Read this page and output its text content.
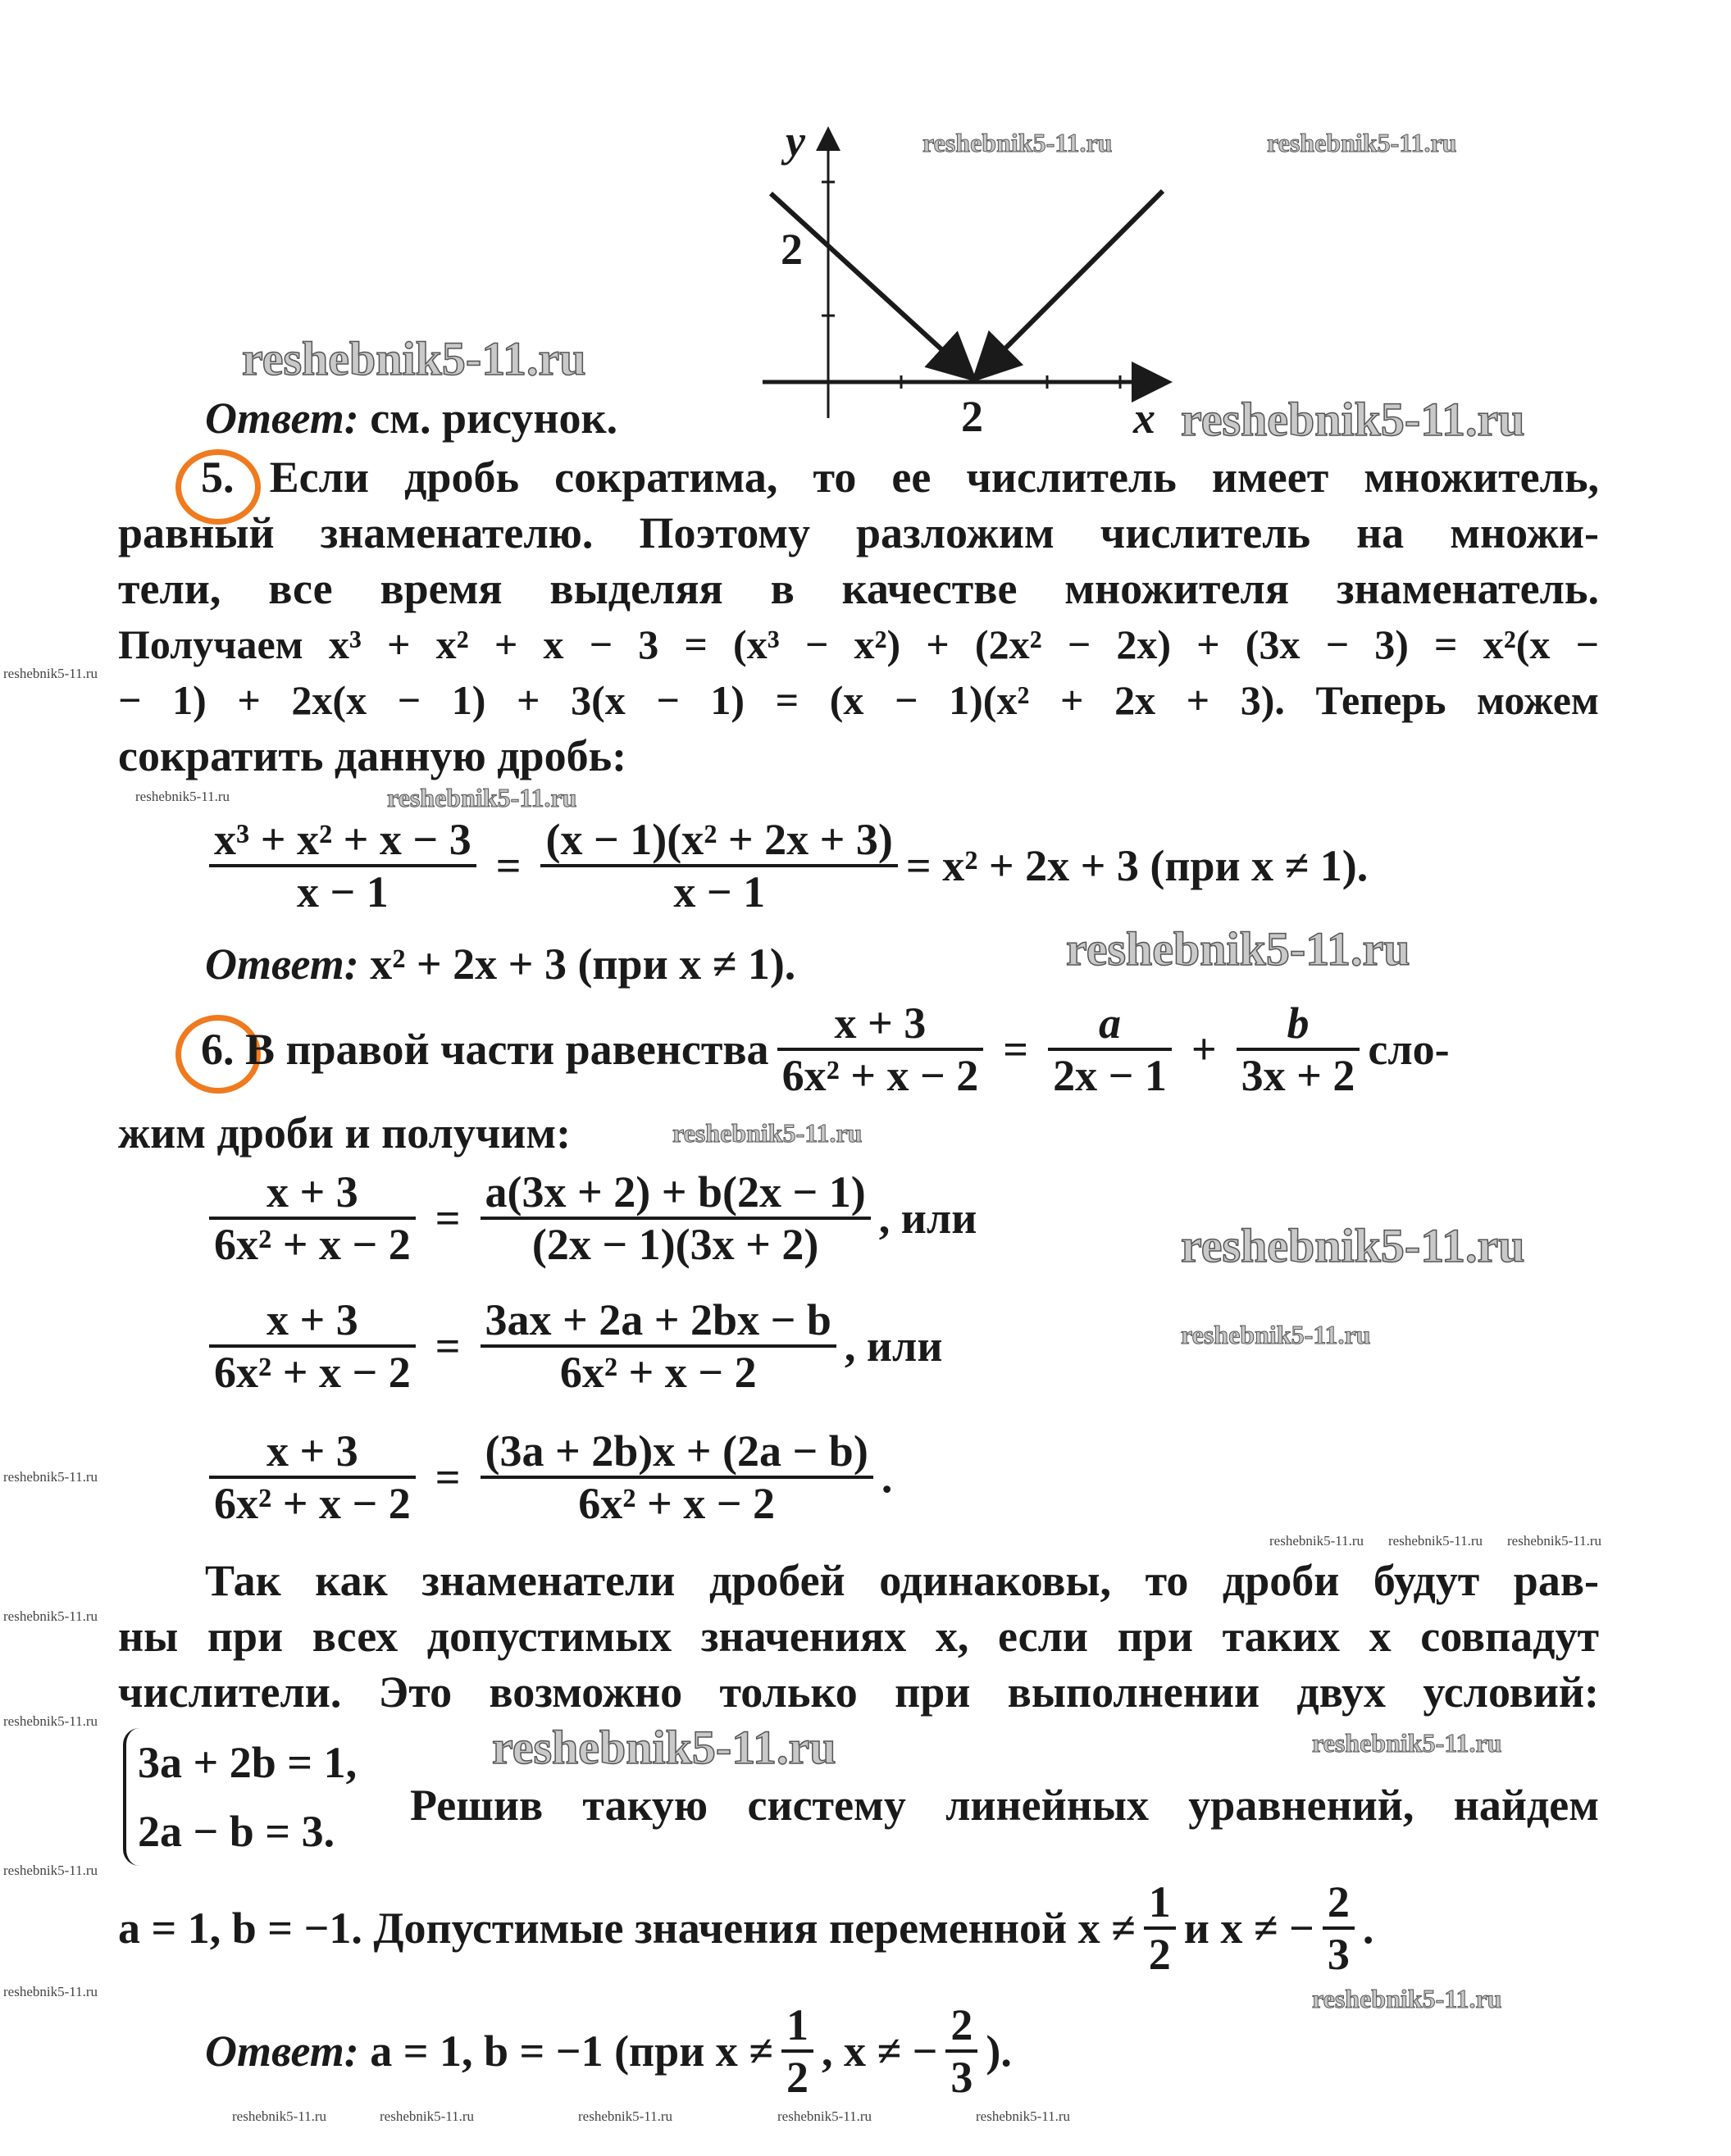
y
2
2	x
Ответ: см. рисунок.
5. Если дробь сократима, то ее числитель имеет множитель,
равный знаменателю. Поэтому разложим числитель на множи-
тели, все время выделяя в качестве множителя знаменатель.
Получаем x³ + x² + x − 3 = (x³ − x²) + (2x² − 2x) + (3x − 3) = x²(x −
− 1) + 2x(x − 1) + 3(x − 1) = (x − 1)(x² + 2x + 3). Теперь можем
сократить данную дробь:
x³ + x² + x − 3
x − 1
=
(x − 1)(x² + 2x + 3)
x − 1
= x² + 2x + 3 (при x ≠ 1).
Ответ: x² + 2x + 3 (при x ≠ 1).
6.
В правой части равенства
x + 3
6x² + x − 2
=
a
2x − 1
+
b
3x + 2
сло-
жим дроби и получим:
x + 3
6x² + x − 2
=
a(3x + 2) + b(2x − 1)
(2x − 1)(3x + 2)
, или
x + 3
6x² + x − 2
=
3ax + 2a + 2bx − b
6x² + x − 2
, или
x + 3
6x² + x − 2
=
(3a + 2b)x + (2a − b)
6x² + x − 2
.
Так как знаменатели дробей одинаковы, то дроби будут рав-
ны при всех допустимых значениях x, если при таких x совпадут
числители. Это возможно только при выполнении двух условий:
3a + 2b = 1,
2a − b = 3.
Решив такую систему линейных уравнений, найдем
a = 1, b = −1. Допустимые значения переменной x ≠
1
2
и x ≠ −
2
3
.
Ответ:
a = 1, b = −1 (при x ≠
1
2
, x ≠ −
2
3
).
reshebnik5-11.ru	reshebnik5-11.ru
reshebnik5-11.ru
reshebnik5-11.ru
reshebnik5-11.ru
reshebnik5-11.ru	reshebnik5-11.ru
reshebnik5-11.ru
reshebnik5-11.ru
reshebnik5-11.ru
reshebnik5-11.ru
reshebnik5-11.ru
reshebnik5-11.ru reshebnik5-11.ru reshebnik5-11.ru
reshebnik5-11.ru
reshebnik5-11.ru	reshebnik5-11.ru	reshebnik5-11.ru
reshebnik5-11.ru
reshebnik5-11.ru	reshebnik5-11.ru
reshebnik5-11.ru	reshebnik5-11.ru	reshebnik5-11.ru	reshebnik5-11.ru	reshebnik5-11.ru
